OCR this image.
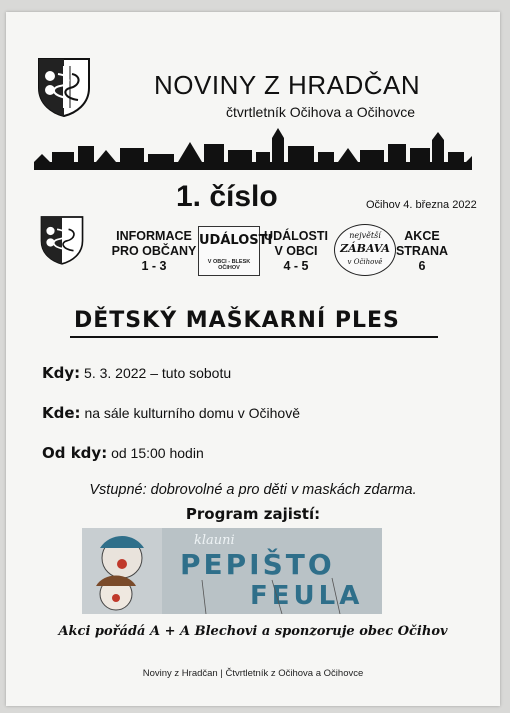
NOVINY Z HRADČAN
čtvrtletník Očihova a Očihovce
1. číslo	Očihov 4. března 2022
INFORMACE
PRO OBČANY
1 - 3
UDÁLOSTI
V OBCI - BLESK OČIHOV
UDÁLOSTI
V OBCI
4 - 5
největší
ZÁBAVA
v Očihově
AKCE
STRANA
6
DĚTSKÝ MAŠKARNÍ PLES
Kdy: 5. 3. 2022 – tuto sobotu
Kde: na sále kulturního domu v Očihově
Od kdy: od 15:00 hodin
Vstupné: dobrovolné a pro děti v maskách zdarma.
Program zajistí:
klauni
PEPIŠTO
FEULA
Akci pořádá A + A Blechovi a sponzoruje obec Očihov
Noviny z Hradčan | Čtvrtletník z Očihova a Očihovce
